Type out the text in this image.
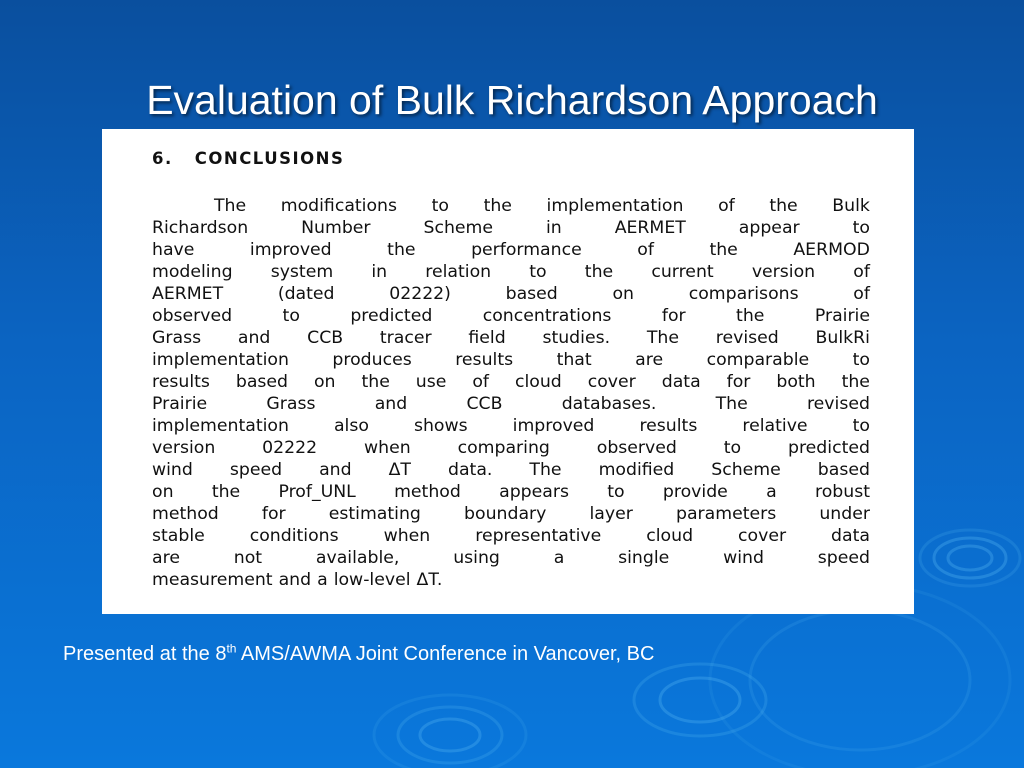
Evaluation of Bulk Richardson Approach
6. CONCLUSIONS
The modifications to the implementation of the Bulk
Richardson	Number	Scheme	in	AERMET	appear	to
have	improved	the	performance	of	the	AERMOD
modeling system in relation to the current version of
AERMET	(dated	02222)	based	on	comparisons	of
observed	to	predicted	concentrations	for	the	Prairie
Grass and CCB tracer field studies. The revised BulkRi
implementation	produces	results	that	are	comparable	to
results based on the use of cloud cover data for both the
Prairie	Grass	and	CCB	databases.	The	revised
implementation	also	shows	improved	results	relative	to
version	02222	when	comparing	observed	to	predicted
wind speed and ΔT data. The modified Scheme based
on the Prof_UNL method appears to provide a robust
method for estimating boundary layer parameters under
stable	conditions	when	representative	cloud	cover	data
are	not	available,	using	a	single	wind	speed
measurement and a low-level ΔT.

Presented at the 8th AMS/AWMA Joint Conference in Vancover, BC
